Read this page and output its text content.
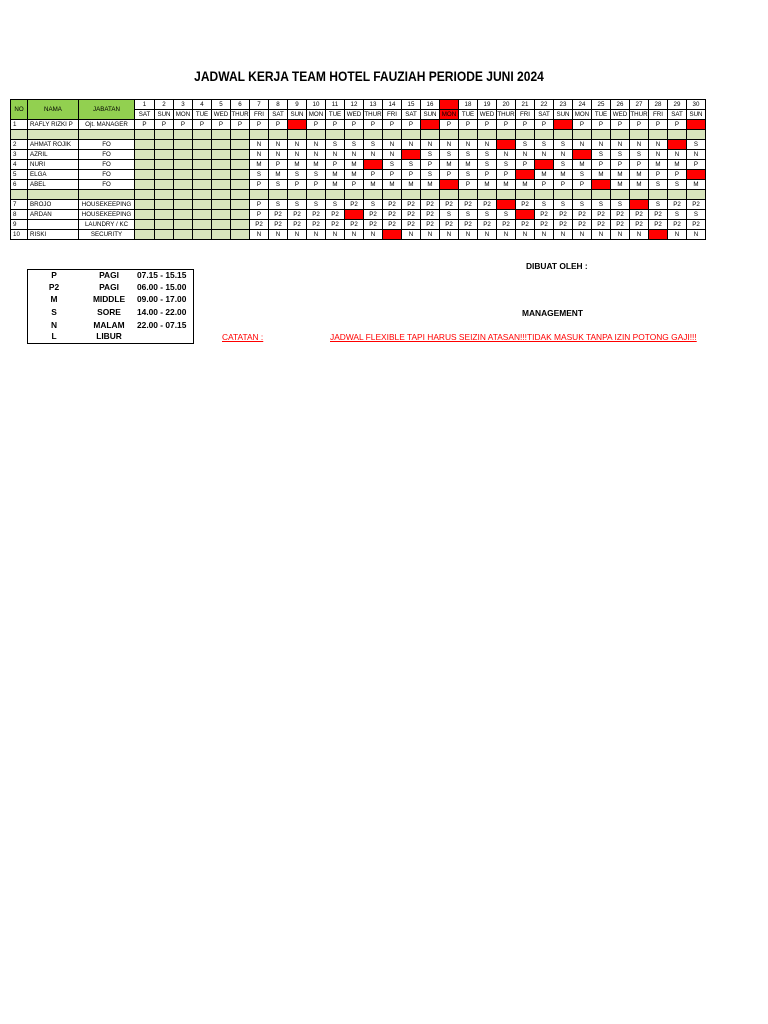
JADWAL KERJA TEAM HOTEL FAUZIAH PERIODE JUNI 2024
NO	NAMA	JABATAN	1	2	3	4	5	6	7	8	9	10	11	12	13	14	15	16	17	18	19	20	21	22	23	24	25	26	27	28	29	30
			SAT	SUN	MON	TUE	WED	THUR	FRI	SAT	SUN	MON	TUE	WED	THUR	FRI	SAT	SUN	MON	TUE	WED	THUR	FRI	SAT	SUN	MON	TUE	WED	THUR	FRI	SAT	SUN
1	RAFLY RIZKI P	Ojt. MANAGER	P	P	P	P	P	P	P	P	L	P	P	P	P	P	P	L	P	P	P	P	P	P	L	P	P	P	P	P	P	L

2	AHMAT ROJIK	FO							N	N	N	N	S	S	S	N	N	N	N	N	N	L	S	S	S	N	N	N	N	N	L	S
3	AZRIL	FO							N	N	N	N	N	N	N	N	L	S	S	S	S	N	N	N	N	L	S	S	S	N	N	N
4	NURI	FO							M	P	M	M	P	M	L	S	S	P	M	M	S	S	P	L	S	M	P	P	P	M	M	P
5	ELGA	FO							S	M	S	S	M	M	P	P	P	S	P	S	P	P	L	M	M	S	M	M	M	P	P	L
6	ABEL	FO							P	S	P	P	M	P	M	M	M	M	L	P	M	M	M	P	P	P	L	M	M	S	S	M

7	BROJO	HOUSEKEEPING							P	S	S	S	S	P2	S	P2	P2	P2	P2	P2	P2	L	P2	S	S	S	S	S	L	S	P2	P2
8	ARDAN	HOUSEKEEPING							P	P2	P2	P2	P2	L	P2	P2	P2	P2	S	S	S	S	L	P2	P2	P2	P2	P2	P2	P2	S	S
9		LAUNDRY / KC							P2	P2	P2	P2	P2	P2	P2	P2	P2	P2	P2	P2	P2	P2	P2	P2	P2	P2	P2	P2	P2	P2	P2	P2
10	RISKI	SECURITY							N	N	N	N	N	N	N	L	N	N	N	N	N	N	N	N	N	N	N	N	N	L	N	N
P	PAGI	07.15 - 15.15
P2	PAGI	06.00 - 15.00
M	MIDDLE	09.00 - 17.00
S	SORE	14.00 - 22.00
N	MALAM	22.00 - 07.15
L	LIBUR
DIBUAT OLEH :
MANAGEMENT
CATATAN :	JADWAL FLEXIBLE TAPI HARUS SEIZIN ATASAN!!!TIDAK MASUK TANPA IZIN POTONG GAJI!!!
